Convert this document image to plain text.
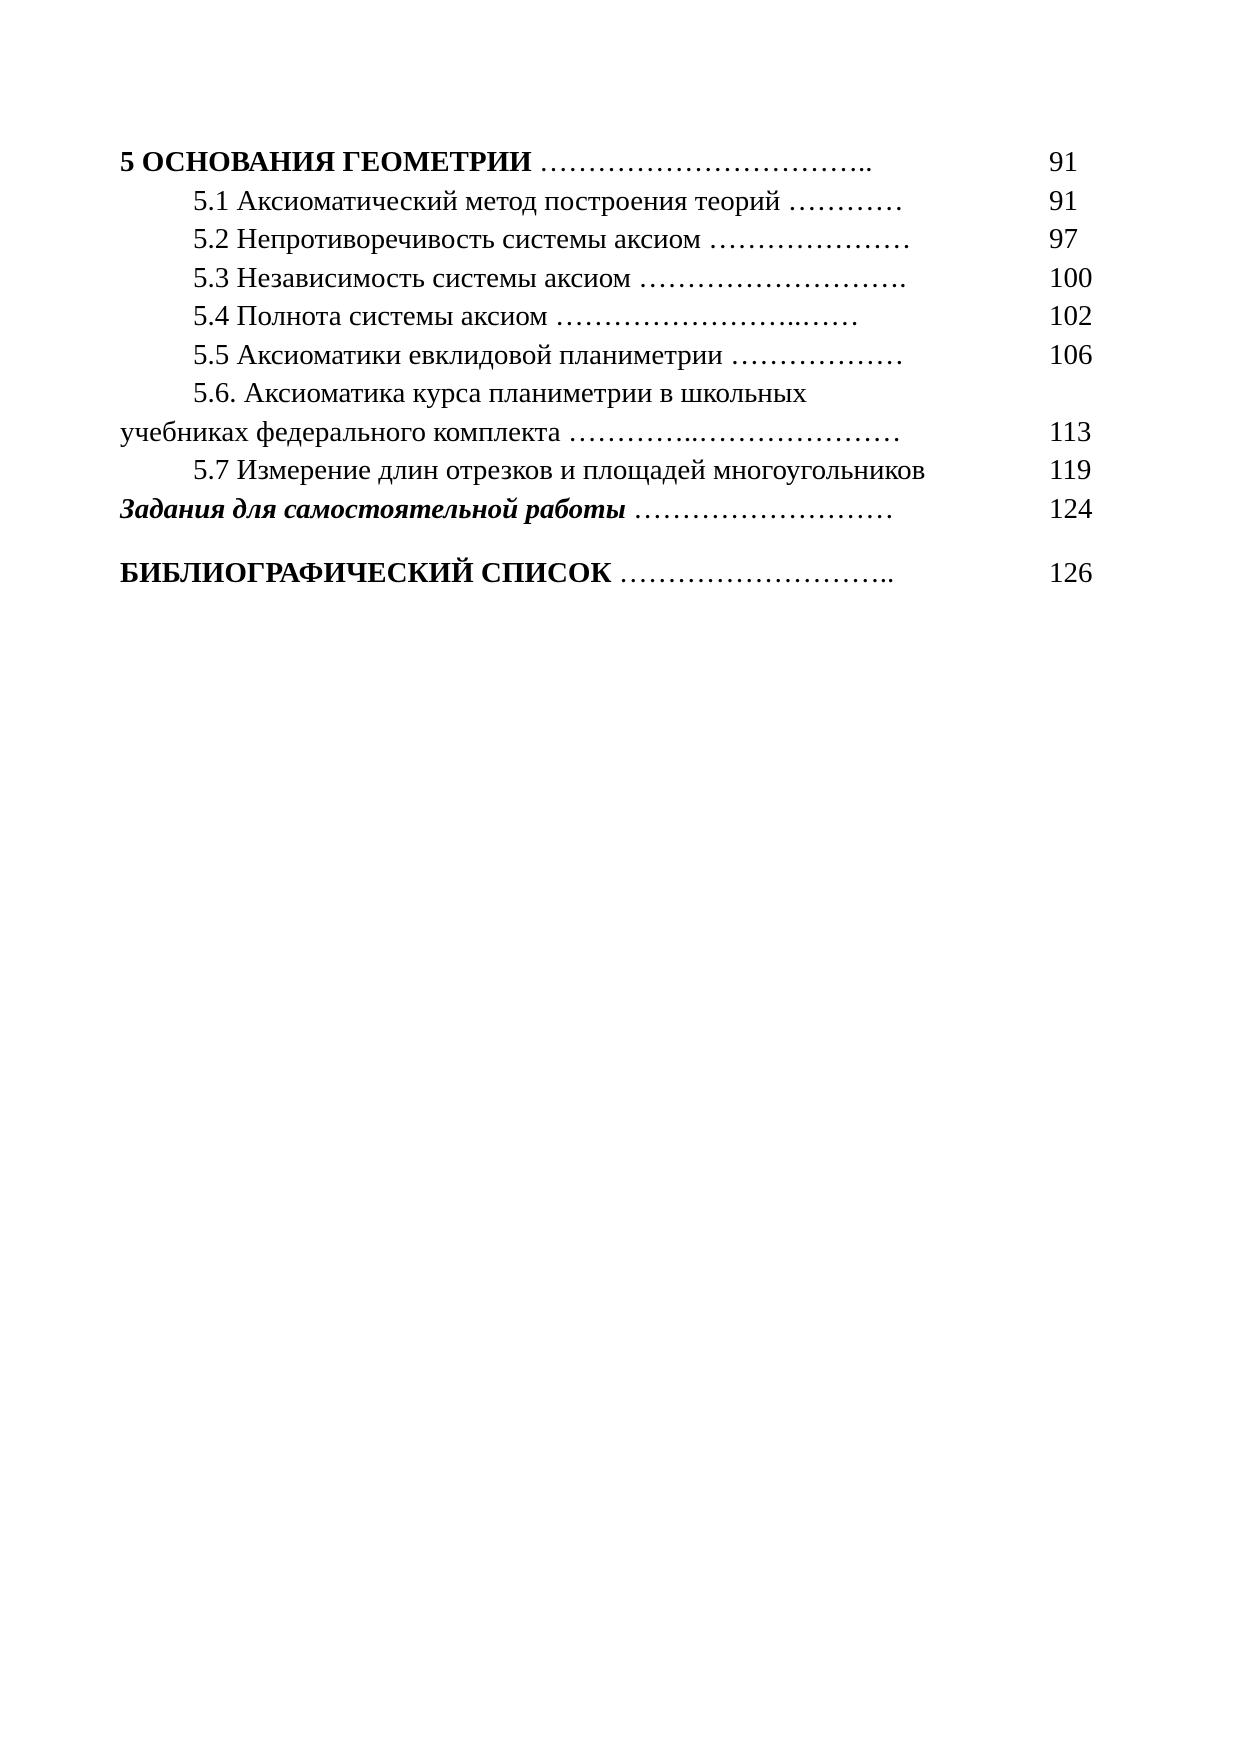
5 ОСНОВАНИЯ ГЕОМЕТРИИ ……………………………..	91
5.1 Аксиоматический метод построения теорий …………	91
5.2 Непротиворечивость системы аксиом …………………	97
5.3 Независимость системы аксиом ……………………….	100
5.4 Полнота системы аксиом ……………………..……	102
5.5 Аксиоматики евклидовой планиметрии ………………	106
5.6. Аксиоматика курса планиметрии в школьных
учебниках федерального комплекта …………..…………………	113
5.7 Измерение длин отрезков и площадей многоугольников	119
Задания для самостоятельной работы ………………………	124
БИБЛИОГРАФИЧЕСКИЙ СПИСОК ………………………..	126
